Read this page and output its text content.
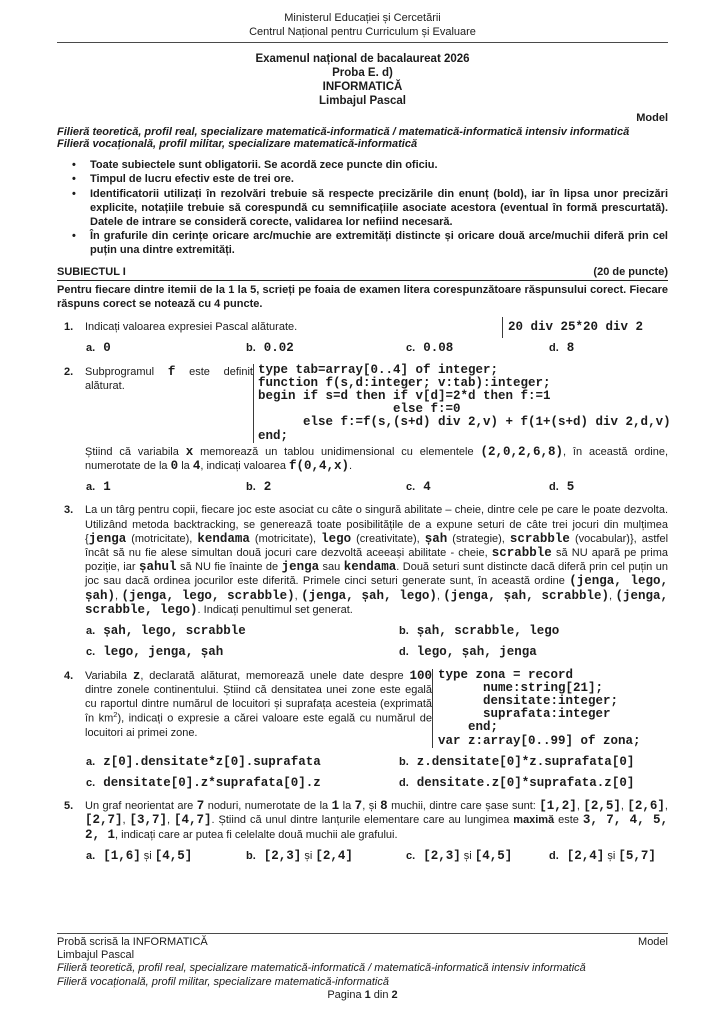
Ministerul Educației și Cercetării
Centrul Național pentru Curriculum și Evaluare
Examenul național de bacalaureat 2026
Proba E. d)
INFORMATICĂ
Limbajul Pascal
Model
Filieră teoretică, profil real, specializare matematică-informatică / matematică-informatică intensiv informatică
Filieră vocațională, profil militar, specializare matematică-informatică
• Toate subiectele sunt obligatorii. Se acordă zece puncte din oficiu.
• Timpul de lucru efectiv este de trei ore.
• Identificatorii utilizați în rezolvări trebuie să respecte precizările din enunț (bold), iar în lipsa unor precizări explicite, notațiile trebuie să corespundă cu semnificațiile asociate acestora (eventual în formă prescurtată). Datele de intrare se consideră corecte, validarea lor nefiind necesară.
• În grafurile din cerințe oricare arc/muchie are extremități distincte și oricare două arce/muchii diferă prin cel puțin una dintre extremități.
SUBIECTUL I	(20 de puncte)

Pentru fiecare dintre itemii de la 1 la 5, scrieți pe foaia de examen litera corespunzătoare răspunsului corect. Fiecare răspuns corect se notează cu 4 puncte.

1.	Indicați valoarea expresiei Pascal alăturate.	20 div 25*20 div 2
a. 0	b. 0.02	c. 0.08	d. 8
2.	Subprogramul f este definit alăturat.
type tab=array[0..4] of integer;
function f(s,d:integer; v:tab):integer;
begin if s=d then if v[d]=2*d then f:=1
else f:=0
else f:=f(s,(s+d) div 2,v) + f(1+(s+d) div 2,d,v)
end;
Știind că variabila x memorează un tablou unidimensional cu elementele (2,0,2,6,8), în această ordine, numerotate de la 0 la 4, indicați valoarea f(0,4,x).
a. 1	b. 2	c. 4	d. 5
3.	La un târg pentru copii, fiecare joc este asociat cu câte o singură abilitate – cheie, dintre cele pe care le poate dezvolta. Utilizând metoda backtracking, se generează toate posibilitățile de a expune seturi de câte trei jocuri din mulțimea {jenga (motricitate), kendama (motricitate), lego (creativitate), șah (strategie), scrabble (vocabular)}, astfel încât să nu fie alese simultan două jocuri care dezvoltă aceeași abilitate - cheie, scrabble să NU apară pe prima poziție, iar șahul să NU fie înainte de jenga sau kendama. Două seturi sunt distincte dacă diferă prin cel puțin un joc sau dacă ordinea jocurilor este diferită. Primele cinci seturi generate sunt, în această ordine (jenga, lego, șah), (jenga, lego, scrabble), (jenga, șah, lego), (jenga, șah, scrabble), (jenga, scrabble, lego). Indicați penultimul set generat.
a. șah, lego, scrabble	b. șah, scrabble, lego
c. lego, jenga, șah	d. lego, șah, jenga
4.	Variabila z, declarată alăturat, memorează unele date despre 100 dintre zonele continentului. Știind că densitatea unei zone este egală cu raportul dintre numărul de locuitori și suprafața acesteia (exprimată în $km^2$), indicați o expresie a cărei valoare este egală cu numărul de locuitori ai primei zone.
type zona = record
nume:string[21];
densitate:integer;
suprafata:integer
end;
var z:array[0..99] of zona;
a. z[0].densitate*z[0].suprafata	b. z.densitate[0]*z.suprafata[0]
c. densitate[0].z*suprafata[0].z	d. densitate.z[0]*suprafata.z[0]
5.	Un graf neorientat are 7 noduri, numerotate de la 1 la 7, și 8 muchii, dintre care șase sunt: [1,2], [2,5], [2,6], [2,7], [3,7], [4,7]. Știind că unul dintre lanțurile elementare care au lungimea maximă este 3, 7, 4, 5, 2, 1, indicați care ar putea fi celelalte două muchii ale grafului.
a. [1,6] și [4,5]	b. [2,3] și [2,4]	c. [2,3] și [4,5]	d. [2,4] și [5,7]
Probă scrisă la INFORMATICĂ	Model
Limbajul Pascal
Filieră teoretică, profil real, specializare matematică-informatică / matematică-informatică intensiv informatică
Filieră vocațională, profil militar, specializare matematică-informatică
Pagina 1 din 2
